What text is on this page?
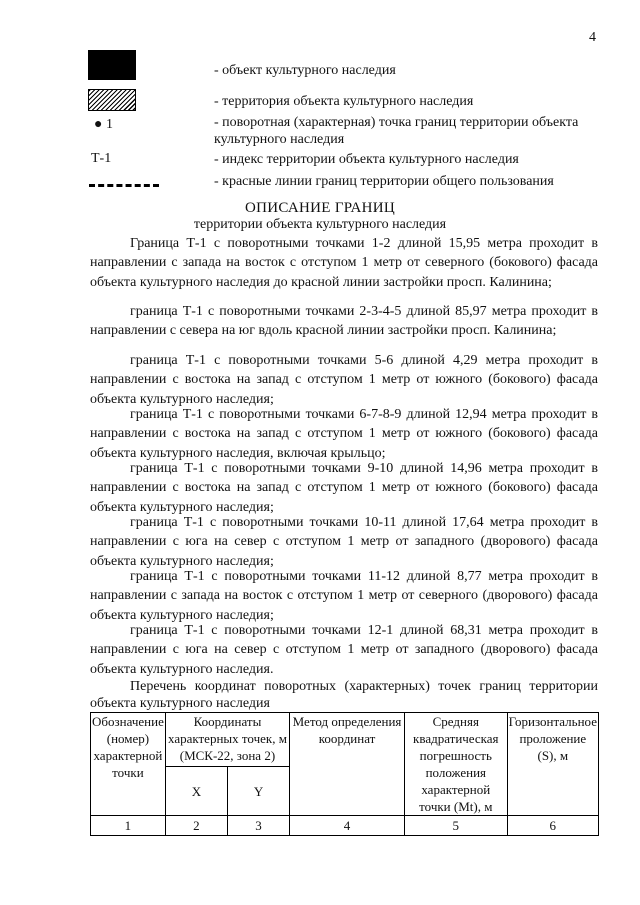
4
- объект культурного наследия
- территория объекта культурного наследия
● 1	- поворотная (характерная) точка границ территории объекта культурного наследия
Т-1	- индекс территории объекта культурного наследия
- красные линии границ территории общего пользования
ОПИСАНИЕ ГРАНИЦ
территории объекта культурного наследия
Граница Т-1 с поворотными точками 1-2 длиной 15,95 метра проходит в направлении с запада на восток с отступом 1 метр от северного (бокового) фасада объекта культурного наследия до красной линии застройки просп. Калинина;
граница Т-1 с поворотными точками 2-3-4-5 длиной 85,97 метра проходит в направлении с севера на юг вдоль красной линии застройки просп. Калинина;
граница Т-1 с поворотными точками 5-6 длиной 4,29 метра проходит в направлении с востока на запад с отступом 1 метр от южного (бокового) фасада объекта культурного наследия;
граница Т-1 с поворотными точками 6-7-8-9 длиной 12,94 метра проходит в направлении с востока на запад с отступом 1 метр от южного (бокового) фасада объекта культурного наследия, включая крыльцо;
граница Т-1 с поворотными точками 9-10 длиной 14,96 метра проходит в направлении с востока на запад с отступом 1 метр от южного (бокового) фасада объекта культурного наследия;
граница Т-1 с поворотными точками 10-11 длиной 17,64 метра проходит в направлении с юга на север с отступом 1 метр от западного (дворового) фасада объекта культурного наследия;
граница Т-1 с поворотными точками 11-12 длиной 8,77 метра проходит в направлении с запада на восток с отступом 1 метр от северного (дворового) фасада объекта культурного наследия;
граница Т-1 с поворотными точками 12-1 длиной 68,31 метра проходит в направлении с юга на север с отступом 1 метр от западного (дворового) фасада объекта культурного наследия.
Перечень координат поворотных (характерных) точек границ территории объекта культурного наследия
Обозначение (номер) характерной точки	Координаты характерных точек, м (МСК-22, зона 2)		Метод определения координат	Средняя квадратическая погрешность положения характерной точки (Mt), м	Горизонтальное проложение (S), м
	X	Y			
1	2	3	4	5	6
